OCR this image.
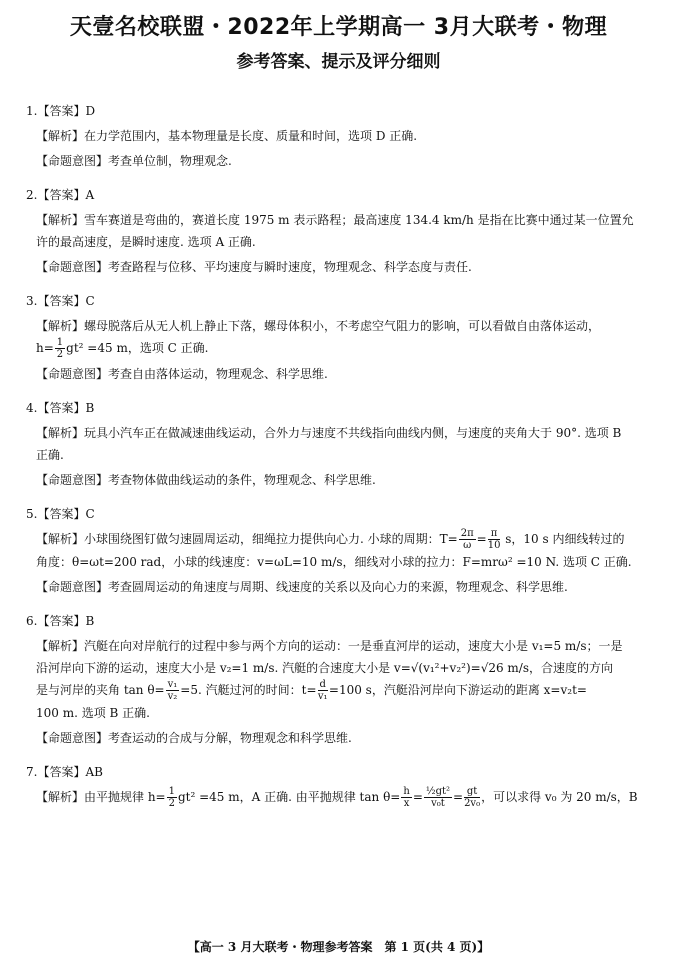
天壹名校联盟・2022年上学期高一 3月大联考・物理
参考答案、提示及评分细则
1.【答案】D
【解析】在力学范围内，基本物理量是长度、质量和时间，选项 D 正确.
【命题意图】考查单位制，物理观念.
2.【答案】A
【解析】雪车赛道是弯曲的，赛道长度 1975 m 表示路程；最高速度 134.4 km/h 是指在比赛中通过某一位置允
许的最高速度，是瞬时速度. 选项 A 正确.
【命题意图】考查路程与位移、平均速度与瞬时速度，物理观念、科学态度与责任.
3.【答案】C
【解析】螺母脱落后从无人机上静止下落，螺母体积小，不考虑空气阻力的影响，可以看做自由落体运动，
$h= \frac{1}{2} gt^2 =45$ m，选项 C 正确.
【命题意图】考查自由落体运动，物理观念、科学思维.
4.【答案】B
【解析】玩具小汽车正在做减速曲线运动，合外力与速度不共线指向曲线内侧，与速度的夹角大于 90°. 选项 B
正确.
【命题意图】考查物体做曲线运动的条件，物理观念、科学思维.
5.【答案】C
【解析】小球围绕图钉做匀速圆周运动，细绳拉力提供向心力. 小球的周期：$T= \frac{2\pi}{\omega} = \frac{\pi}{10}$ s，10 s 内细线转过的
角度：θ=ωt=200 rad，小球的线速度：v=ωL=10 m/s，细线对小球的拉力：F=mrω² =10 N. 选项 C 正确.
【命题意图】考查圆周运动的角速度与周期、线速度的关系以及向心力的来源，物理观念、科学思维.
6.【答案】B
【解析】汽艇在向对岸航行的过程中参与两个方向的运动：一是垂直河岸的运动，速度大小是 v₁=5 m/s；一是
沿河岸向下游的运动，速度大小是 v₂=1 m/s. 汽艇的合速度大小是 v=√(v₁²+v₂²)=√26 m/s，合速度的方向
是与河岸的夹角 $\tan \theta= \frac{\text{v₁}}{\text{v₂}} =5$. 汽艇过河的时间：$t= \frac{d}{\text{v₁}} =100$ s，汽艇沿河岸向下游运动的距离 x=v₂t=
100 m. 选项 B 正确.
【命题意图】考查运动的合成与分解，物理观念和科学思维.
7.【答案】AB
【解析】由平抛规律 $h= \frac{1}{2} gt^2 =45$ m，A 正确. 由平抛规律 $\tan \theta= \frac{h}{x} = \frac{\text{½gt²}}{\text{v₀t}} = \frac{gt}{\text{2v₀}}$ ，可以求得 v₀ 为 20 m/s，B
【高一 3 月大联考・物理参考答案　第 1 页(共 4 页)】
